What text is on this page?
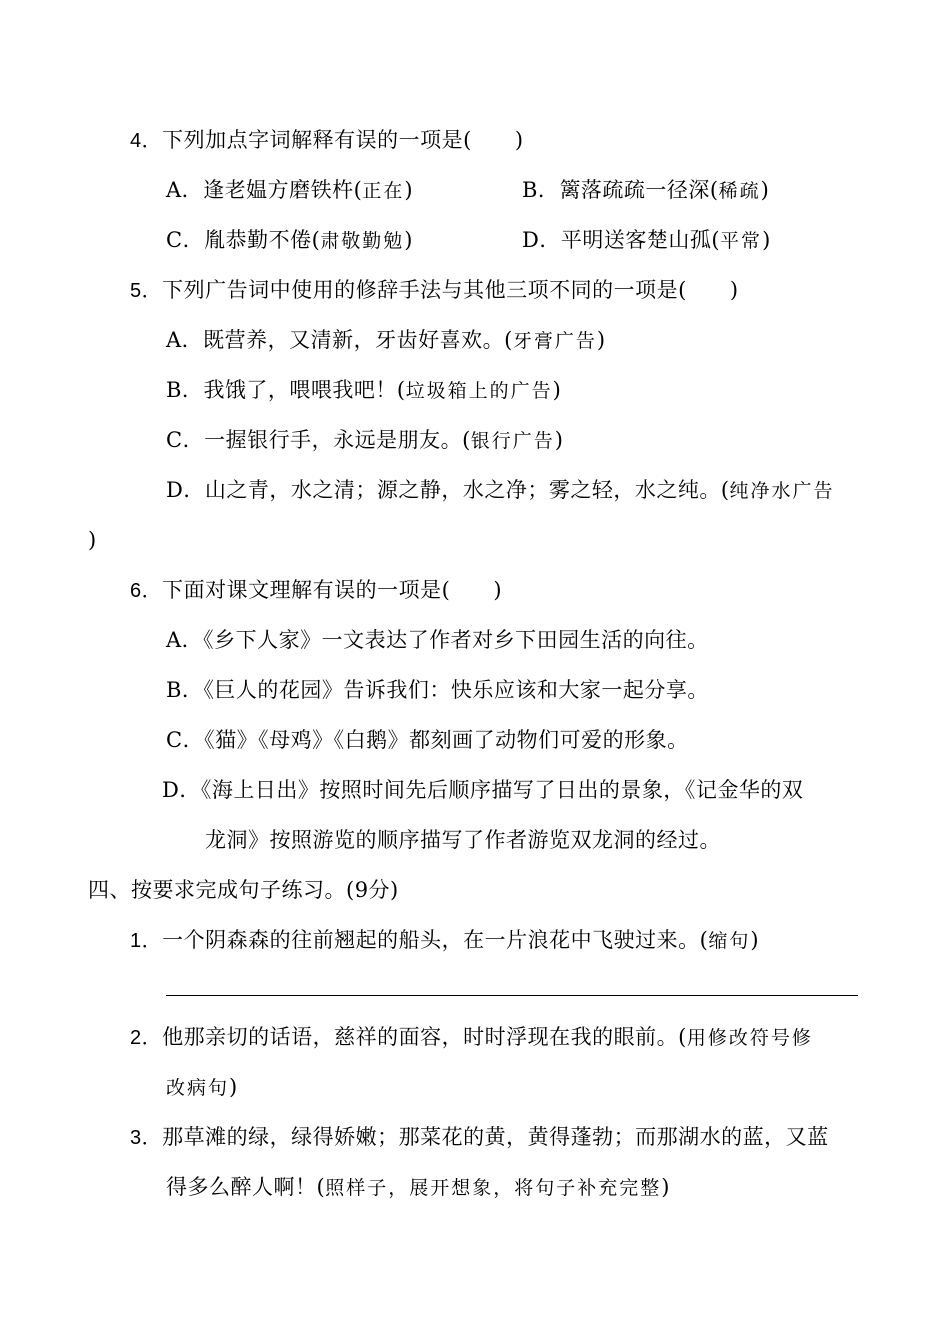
4．下列加点字词解释有误的一项是(　　)
A．逢老媪方磨铁杵(正在)	B．篱落疏疏一径深(稀疏)
C．胤恭勤不倦(肃敬勤勉)	D．平明送客楚山孤(平常)
5．下列广告词中使用的修辞手法与其他三项不同的一项是(　　)
A．既营养，又清新，牙齿好喜欢。(牙膏广告)
B．我饿了，喂喂我吧！(垃圾箱上的广告)
C．一握银行手，永远是朋友。(银行广告)
D．山之青，水之清；源之静，水之净；雾之轻，水之纯。(纯净水广告
)
6．下面对课文理解有误的一项是(　　)
A．《乡下人家》一文表达了作者对乡下田园生活的向往。
B．《巨人的花园》告诉我们：快乐应该和大家一起分享。
C．《猫》《母鸡》《白鹅》都刻画了动物们可爱的形象。
D．《海上日出》按照时间先后顺序描写了日出的景象，《记金华的双
龙洞》按照游览的顺序描写了作者游览双龙洞的经过。
四、按要求完成句子练习。(9分)
1．一个阴森森的往前翘起的船头，在一片浪花中飞驶过来。(缩句)
2．他那亲切的话语，慈祥的面容，时时浮现在我的眼前。(用修改符号修
改病句)
3．那草滩的绿，绿得娇嫩；那菜花的黄，黄得蓬勃；而那湖水的蓝，又蓝
得多么醉人啊！(照样子，展开想象，将句子补充完整)
